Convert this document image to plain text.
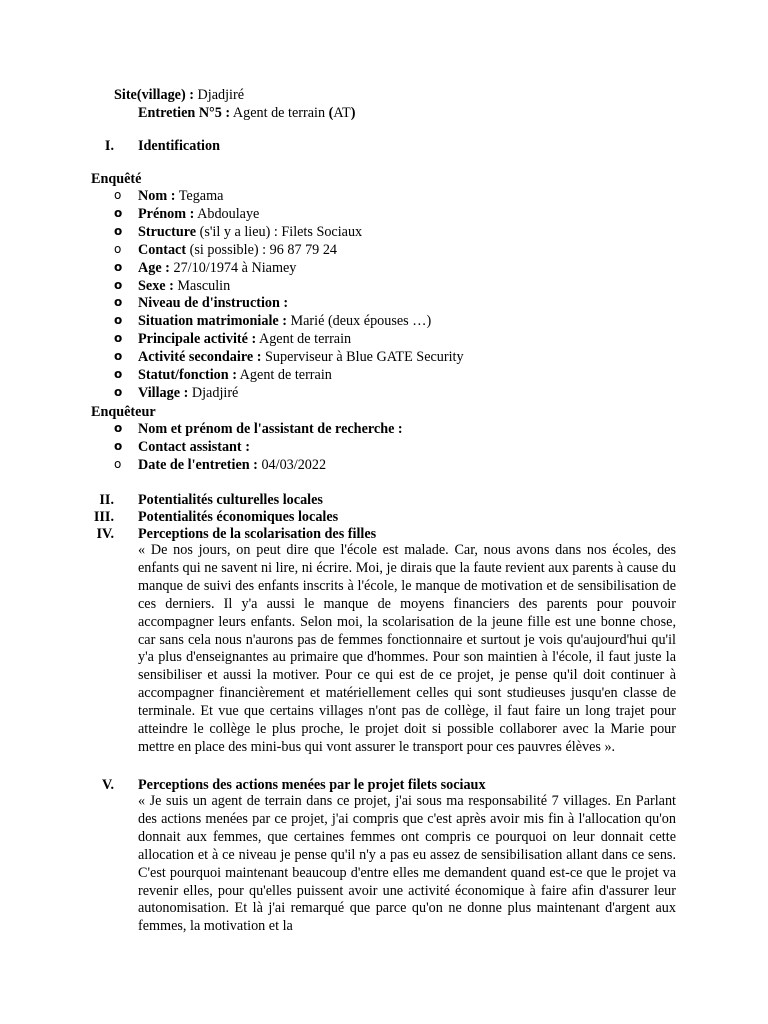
Site(village) : Djadjiré
Entretien N°5 : Agent de terrain (AT)
I. Identification
Enquêté
o	Nom : Tegama
o	Prénom : Abdoulaye
o	Structure (s'il y a lieu) : Filets Sociaux
o	Contact (si possible) : 96 87 79 24
o	Age : 27/10/1974 à Niamey
o	Sexe : Masculin
o	Niveau de d'instruction :
o	Situation matrimoniale : Marié (deux épouses …)
o	Principale activité : Agent de terrain
o	Activité secondaire : Superviseur à Blue GATE Security
o	Statut/fonction : Agent de terrain
o	Village : Djadjiré
Enquêteur
o	Nom et prénom de l'assistant de recherche :
o	Contact assistant :
o	Date de l'entretien : 04/03/2022
II. Potentialités culturelles locales
III. Potentialités économiques locales
IV. Perceptions de la scolarisation des filles
« De nos jours, on peut dire que l'école est malade. Car, nous avons dans nos écoles, des enfants qui ne savent ni lire, ni écrire. Moi, je dirais que la faute revient aux parents à cause du manque de suivi des enfants inscrits à l'école, le manque de motivation et de sensibilisation de ces derniers. Il y'a aussi le manque de moyens financiers des parents pour pouvoir accompagner leurs enfants. Selon moi, la scolarisation de la jeune fille est une bonne chose, car sans cela nous n'aurons pas de femmes fonctionnaire et surtout je vois qu'aujourd'hui qu'il y'a plus d'enseignantes au primaire que d'hommes. Pour son maintien à l'école, il faut juste la sensibiliser et aussi la motiver. Pour ce qui est de ce projet, je pense qu'il doit continuer à accompagner financièrement et matériellement celles qui sont studieuses jusqu'en classe de terminale. Et vue que certains villages n'ont pas de collège, il faut faire un long trajet pour atteindre le collège le plus proche, le projet doit si possible collaborer avec la Marie pour mettre en place des mini-bus qui vont assurer le transport pour ces pauvres élèves ».
V. Perceptions des actions menées par le projet filets sociaux
« Je suis un agent de terrain dans ce projet, j'ai sous ma responsabilité 7 villages. En Parlant des actions menées par ce projet, j'ai compris que c'est après avoir mis fin à l'allocation qu'on donnait aux femmes, que certaines femmes ont compris ce pourquoi on leur donnait cette allocation et à ce niveau je pense qu'il n'y a pas eu assez de sensibilisation allant dans ce sens. C'est pourquoi maintenant beaucoup d'entre elles me demandent quand est-ce que le projet va revenir elles, pour qu'elles puissent avoir une activité économique à faire afin d'assurer leur autonomisation. Et là j'ai remarqué que parce qu'on ne donne plus maintenant d'argent aux femmes, la motivation et la
